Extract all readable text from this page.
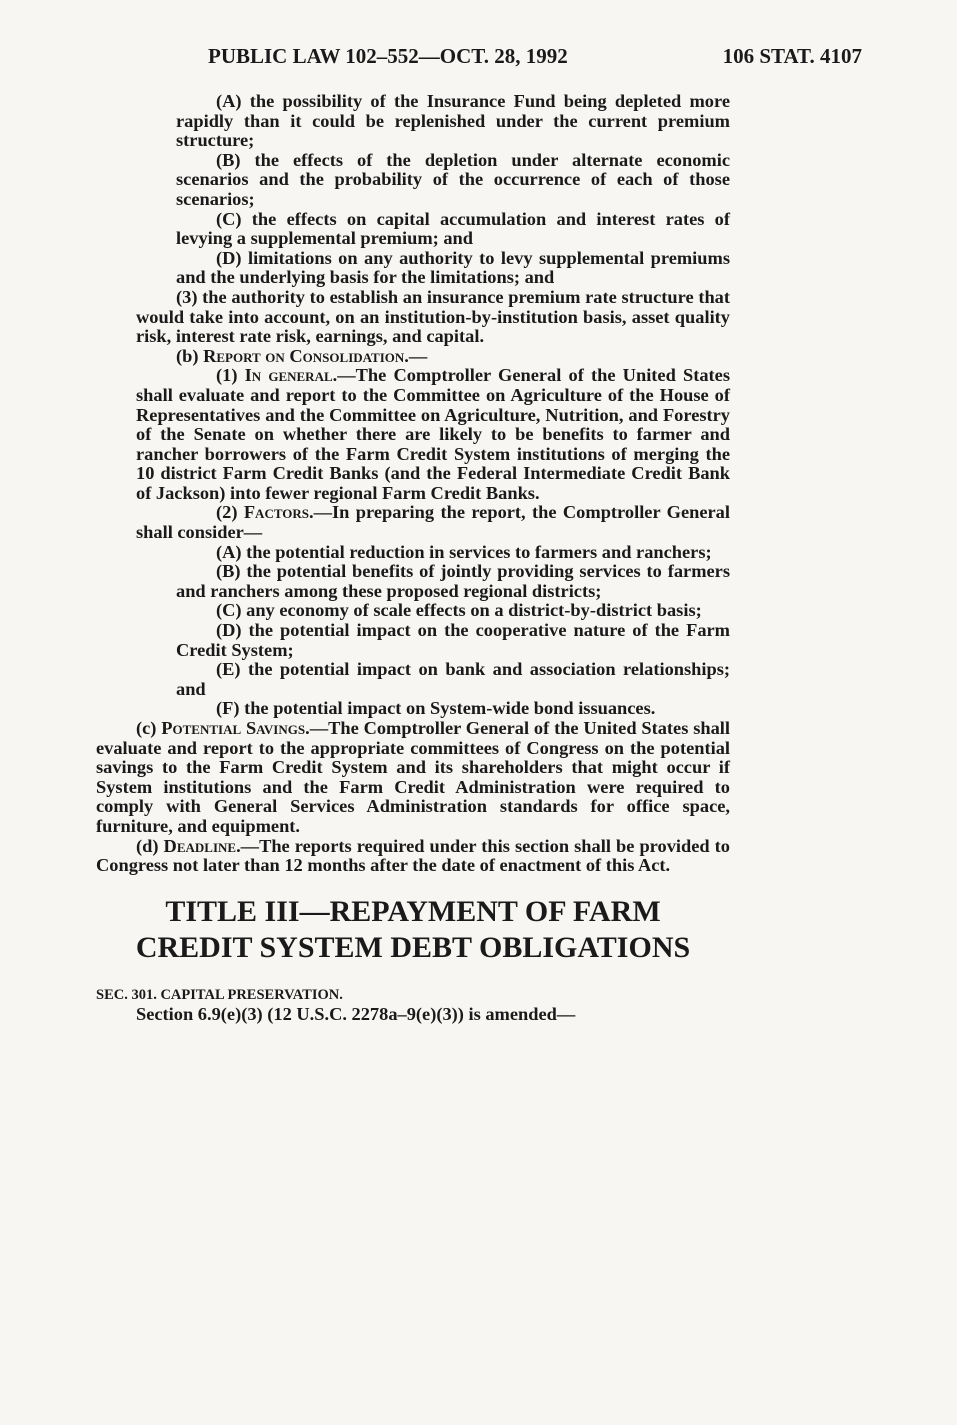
PUBLIC LAW 102–552—OCT. 28, 1992	106 STAT. 4107

(A) the possibility of the Insurance Fund being depleted more rapidly than it could be replenished under the current premium structure;

(B) the effects of the depletion under alternate economic scenarios and the probability of the occurrence of each of those scenarios;

(C) the effects on capital accumulation and interest rates of levying a supplemental premium; and

(D) limitations on any authority to levy supplemental premiums and the underlying basis for the limitations; and

(3) the authority to establish an insurance premium rate structure that would take into account, on an institution-by-institution basis, asset quality risk, interest rate risk, earnings, and capital.

(b) Report on Consolidation.—

(1) In general.—The Comptroller General of the United States shall evaluate and report to the Committee on Agriculture of the House of Representatives and the Committee on Agriculture, Nutrition, and Forestry of the Senate on whether there are likely to be benefits to farmer and rancher borrowers of the Farm Credit System institutions of merging the 10 district Farm Credit Banks (and the Federal Intermediate Credit Bank of Jackson) into fewer regional Farm Credit Banks.

(2) Factors.—In preparing the report, the Comptroller General shall consider—

(A) the potential reduction in services to farmers and ranchers;

(B) the potential benefits of jointly providing services to farmers and ranchers among these proposed regional districts;

(C) any economy of scale effects on a district-by-district basis;

(D) the potential impact on the cooperative nature of the Farm Credit System;

(E) the potential impact on bank and association relationships; and

(F) the potential impact on System-wide bond issuances.

(c) Potential Savings.—The Comptroller General of the United States shall evaluate and report to the appropriate committees of Congress on the potential savings to the Farm Credit System and its shareholders that might occur if System institutions and the Farm Credit Administration were required to comply with General Services Administration standards for office space, furniture, and equipment.

(d) Deadline.—The reports required under this section shall be provided to Congress not later than 12 months after the date of enactment of this Act.

TITLE III—REPAYMENT OF FARM
CREDIT SYSTEM DEBT OBLIGATIONS

SEC. 301. CAPITAL PRESERVATION.

Section 6.9(e)(3) (12 U.S.C. 2278a–9(e)(3)) is amended—
